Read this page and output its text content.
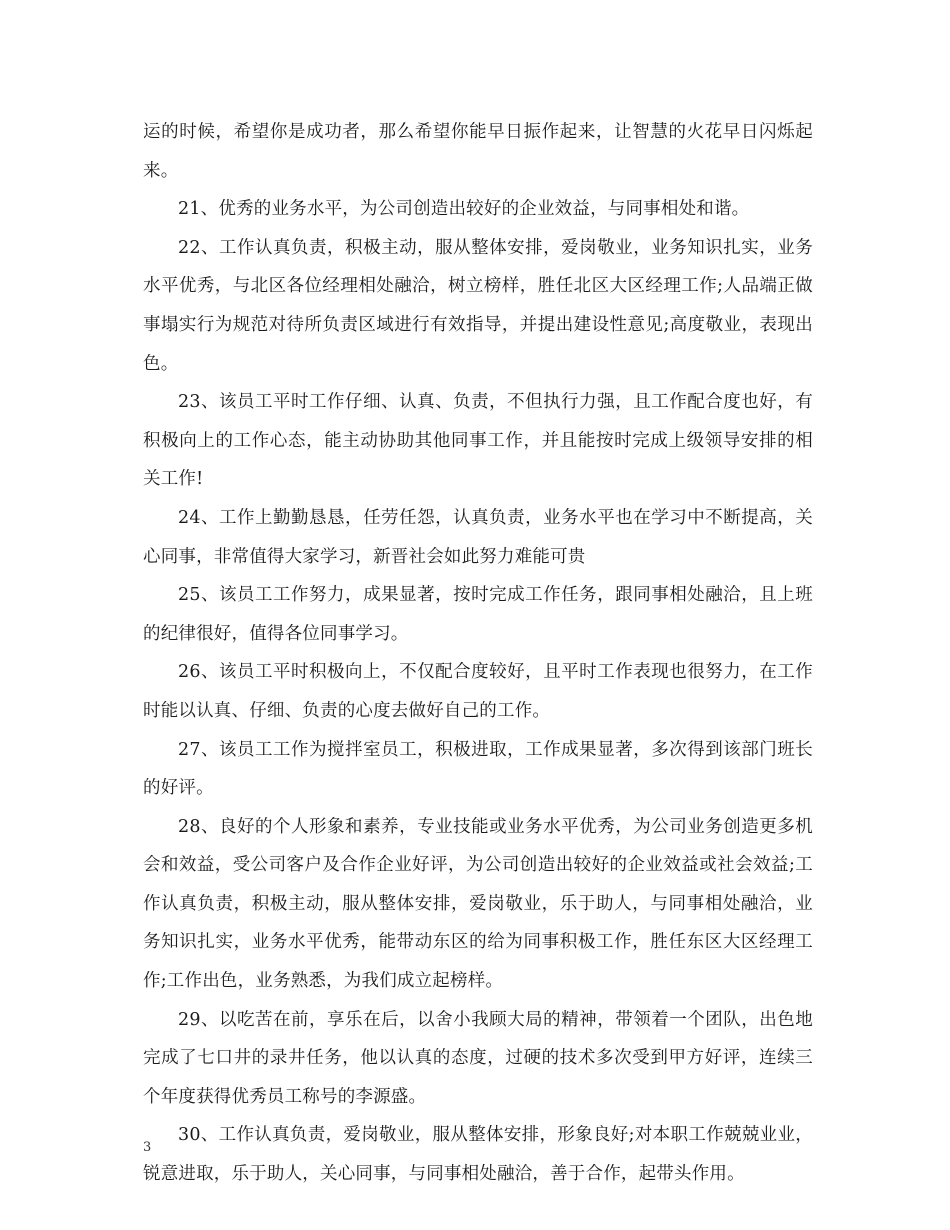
运的时候，希望你是成功者，那么希望你能早日振作起来，让智慧的火花早日闪烁起来。

21、优秀的业务水平，为公司创造出较好的企业效益，与同事相处和谐。

22、工作认真负责，积极主动，服从整体安排，爱岗敬业，业务知识扎实，业务水平优秀，与北区各位经理相处融洽，树立榜样，胜任北区大区经理工作;人品端正做事塌实行为规范对待所负责区域进行有效指导，并提出建设性意见;高度敬业，表现出色。

23、该员工平时工作仔细、认真、负责，不但执行力强，且工作配合度也好，有积极向上的工作心态，能主动协助其他同事工作，并且能按时完成上级领导安排的相关工作!

24、工作上勤勤恳恳，任劳任怨，认真负责，业务水平也在学习中不断提高，关心同事，非常值得大家学习，新晋社会如此努力难能可贵

25、该员工工作努力，成果显著，按时完成工作任务，跟同事相处融洽，且上班的纪律很好，值得各位同事学习。

26、该员工平时积极向上，不仅配合度较好，且平时工作表现也很努力，在工作时能以认真、仔细、负责的心度去做好自己的工作。

27、该员工工作为搅拌室员工，积极进取，工作成果显著，多次得到该部门班长的好评。

28、良好的个人形象和素养，专业技能或业务水平优秀，为公司业务创造更多机会和效益，受公司客户及合作企业好评，为公司创造出较好的企业效益或社会效益;工作认真负责，积极主动，服从整体安排，爱岗敬业，乐于助人，与同事相处融洽，业务知识扎实，业务水平优秀，能带动东区的给为同事积极工作，胜任东区大区经理工作;工作出色，业务熟悉，为我们成立起榜样。

29、以吃苦在前，享乐在后，以舍小我顾大局的精神，带领着一个团队，出色地完成了七口井的录井任务，他以认真的态度，过硬的技术多次受到甲方好评，连续三个年度获得优秀员工称号的李源盛。

30、工作认真负责，爱岗敬业，服从整体安排，形象良好;对本职工作兢兢业业，锐意进取，乐于助人，关心同事，与同事相处融洽，善于合作，起带头作用。

3
